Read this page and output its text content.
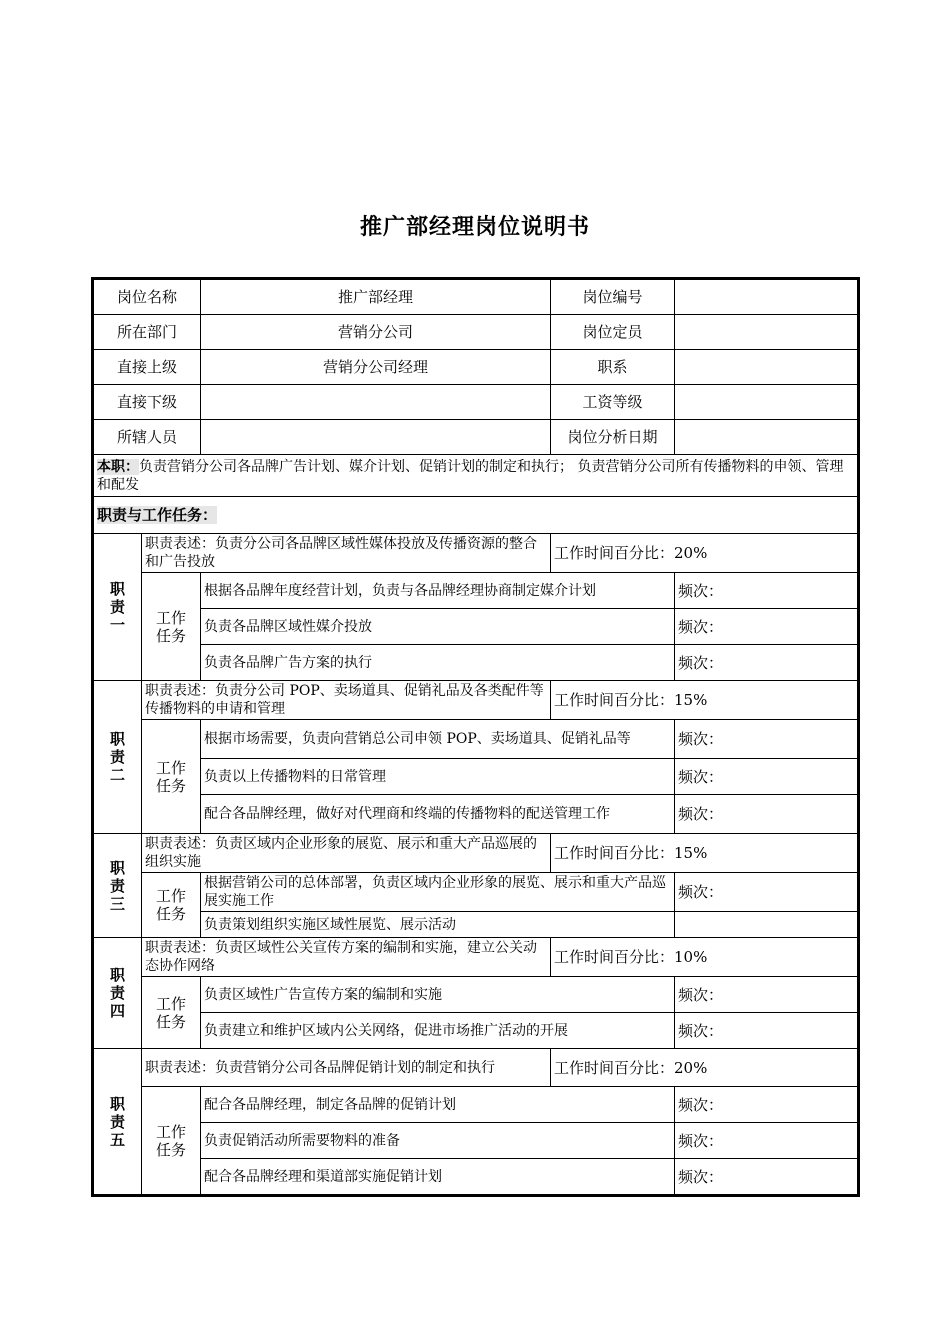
推广部经理岗位说明书
岗位名称		推广部经理	岗位编号	
所在部门		营销分公司	岗位定员	
直接上级		营销分公司经理	职系	
直接下级			工资等级	
所辖人员			岗位分析日期	
本职：负责营销分公司各品牌广告计划、媒介计划、促销计划的制定和执行； 负责营销分公司所有传播物料的申领、管理和配发				
职责与工作任务：				
职责一	职责表述：负责分公司各品牌区域性媒体投放及传播资源的整合和广告投放		工作时间百分比：20%	
	工作任务	根据各品牌年度经营计划，负责与各品牌经理协商制定媒介计划		频次：
		负责各品牌区域性媒介投放		频次：
		负责各品牌广告方案的执行		频次：
职责二	职责表述：负责分公司 POP、卖场道具、促销礼品及各类配件等传播物料的申请和管理		工作时间百分比：15%	
	工作任务	根据市场需要，负责向营销总公司申领 POP、卖场道具、促销礼品等		频次：
		负责以上传播物料的日常管理		频次：
		配合各品牌经理，做好对代理商和终端的传播物料的配送管理工作		频次：
职责三	职责表述：负责区域内企业形象的展览、展示和重大产品巡展的组织实施		工作时间百分比：15%	
	工作任务	根据营销公司的总体部署，负责区域内企业形象的展览、展示和重大产品巡展实施工作		频次：
		负责策划组织实施区域性展览、展示活动		
职责四	职责表述：负责区域性公关宣传方案的编制和实施，建立公关动态协作网络		工作时间百分比：10%	
	工作任务	负责区域性广告宣传方案的编制和实施		频次：
		负责建立和维护区域内公关网络，促进市场推广活动的开展		频次：
职责五	职责表述：负责营销分公司各品牌促销计划的制定和执行		工作时间百分比：20%	
	工作任务	配合各品牌经理，制定各品牌的促销计划		频次：
		负责促销活动所需要物料的准备		频次：
		配合各品牌经理和渠道部实施促销计划		频次：
